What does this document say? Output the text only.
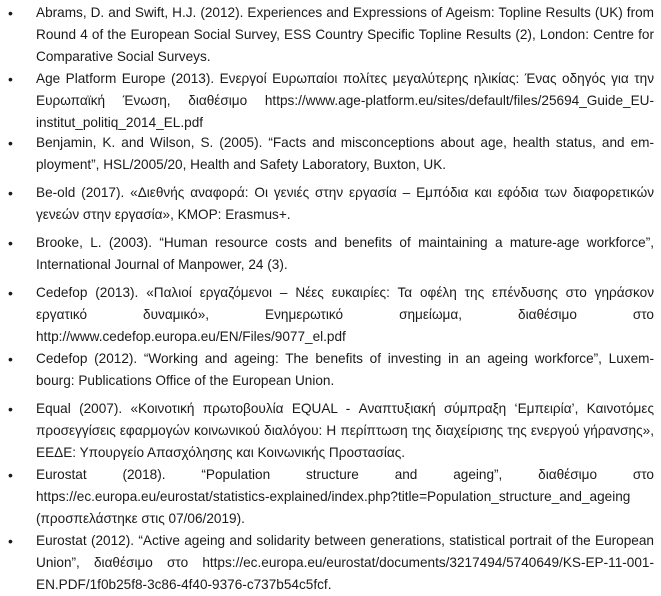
• Abrams, D. and Swift, H.J. (2012). Experiences and Expressions of Ageism: Topline Results (UK) from Round 4 of the European Social Survey, ESS Country Specific Topline Results (2), London: Centre for Comparative Social Surveys.
• Age Platform Europe (2013). Ενεργοί Ευρωπαίοι πολίτες μεγαλύτερης ηλικίας: Ένας οδηγός για την Ευρωπαϊκή Ένωση, διαθέσιμο https://www.age-platform.eu/sites/default/files/25694_Guide_EU-institut_politiq_2014_EL.pdf
• Benjamin, K. and Wilson, S. (2005). “Facts and misconceptions about age, health status, and em-ployment”, HSL/2005/20, Health and Safety Laboratory, Buxton, UK.
• Be-old (2017). «Διεθνής αναφορά: Οι γενιές στην εργασία – Εμπόδια και εφόδια των διαφορετικών γενεών στην εργασία», ΚΜΟΡ: Erasmus+.
• Brooke, L. (2003). “Human resource costs and benefits of maintaining a mature-age workforce”, International Journal of Manpower, 24 (3).
• Cedefop (2013). «Παλιοί εργαζόμενοι – Νέες ευκαιρίες: Τα οφέλη της επένδυσης στο γηράσκον εργατικό δυναμικό», Ενημερωτικό σημείωμα, διαθέσιμο στο http://www.cedefop.europa.eu/EN/Files/9077_el.pdf
• Cedefop (2012). “Working and ageing: The benefits of investing in an ageing workforce”, Luxem-bourg: Publications Office of the European Union.
• Equal (2007). «Κοινοτική πρωτοβουλία EQUAL - Αναπτυξιακή σύμπραξη ‘Εμπειρία’, Καινοτόμες προσεγγίσεις εφαρμογών κοινωνικού διαλόγου: Η περίπτωση της διαχείρισης της ενεργού γήρανσης», ΕΕΔΕ: Υπουργείο Απασχόλησης και Κοινωνικής Προστασίας.
• Eurostat (2018). “Population structure and ageing”, διαθέσιμο στο https://ec.europa.eu/eurostat/statistics-explained/index.php?title=Population_structure_and_ageing (προσπελάστηκε στις 07/06/2019).
• Eurostat (2012). “Active ageing and solidarity between generations, statistical portrait of the European Union”, διαθέσιμο στο https://ec.europa.eu/eurostat/documents/3217494/5740649/KS-EP-11-001-EN.PDF/1f0b25f8-3c86-4f40-9376-c737b54c5fcf.
